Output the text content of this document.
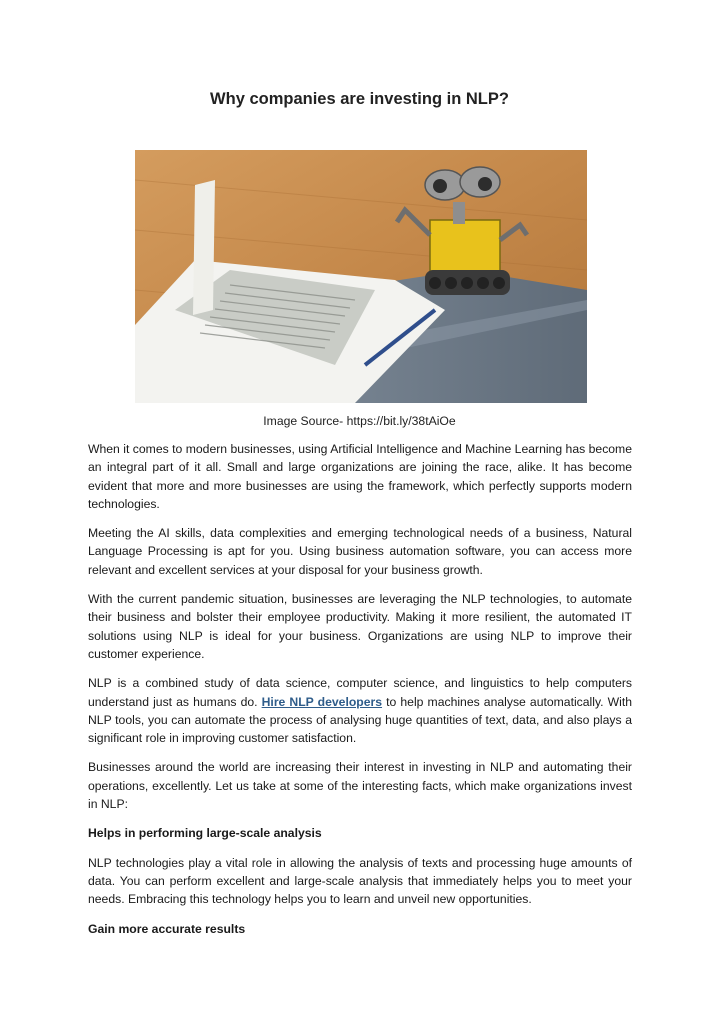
Why companies are investing in NLP?
Image Source- https://bit.ly/38tAiOe

When it comes to modern businesses, using Artificial Intelligence and Machine Learning has become an integral part of it all. Small and large organizations are joining the race, alike. It has become evident that more and more businesses are using the framework, which perfectly supports modern technologies.

Meeting the AI skills, data complexities and emerging technological needs of a business, Natural Language Processing is apt for you. Using business automation software, you can access more relevant and excellent services at your disposal for your business growth.

With the current pandemic situation, businesses are leveraging the NLP technologies, to automate their business and bolster their employee productivity. Making it more resilient, the automated IT solutions using NLP is ideal for your business. Organizations are using NLP to improve their customer experience.

NLP is a combined study of data science, computer science, and linguistics to help computers understand just as humans do. Hire NLP developers to help machines analyse automatically. With NLP tools, you can automate the process of analysing huge quantities of text, data, and also plays a significant role in improving customer satisfaction.

Businesses around the world are increasing their interest in investing in NLP and automating their operations, excellently. Let us take at some of the interesting facts, which make organizations invest in NLP:

Helps in performing large-scale analysis

NLP technologies play a vital role in allowing the analysis of texts and processing huge amounts of data. You can perform excellent and large-scale analysis that immediately helps you to meet your needs. Embracing this technology helps you to learn and unveil new opportunities.

Gain more accurate results
